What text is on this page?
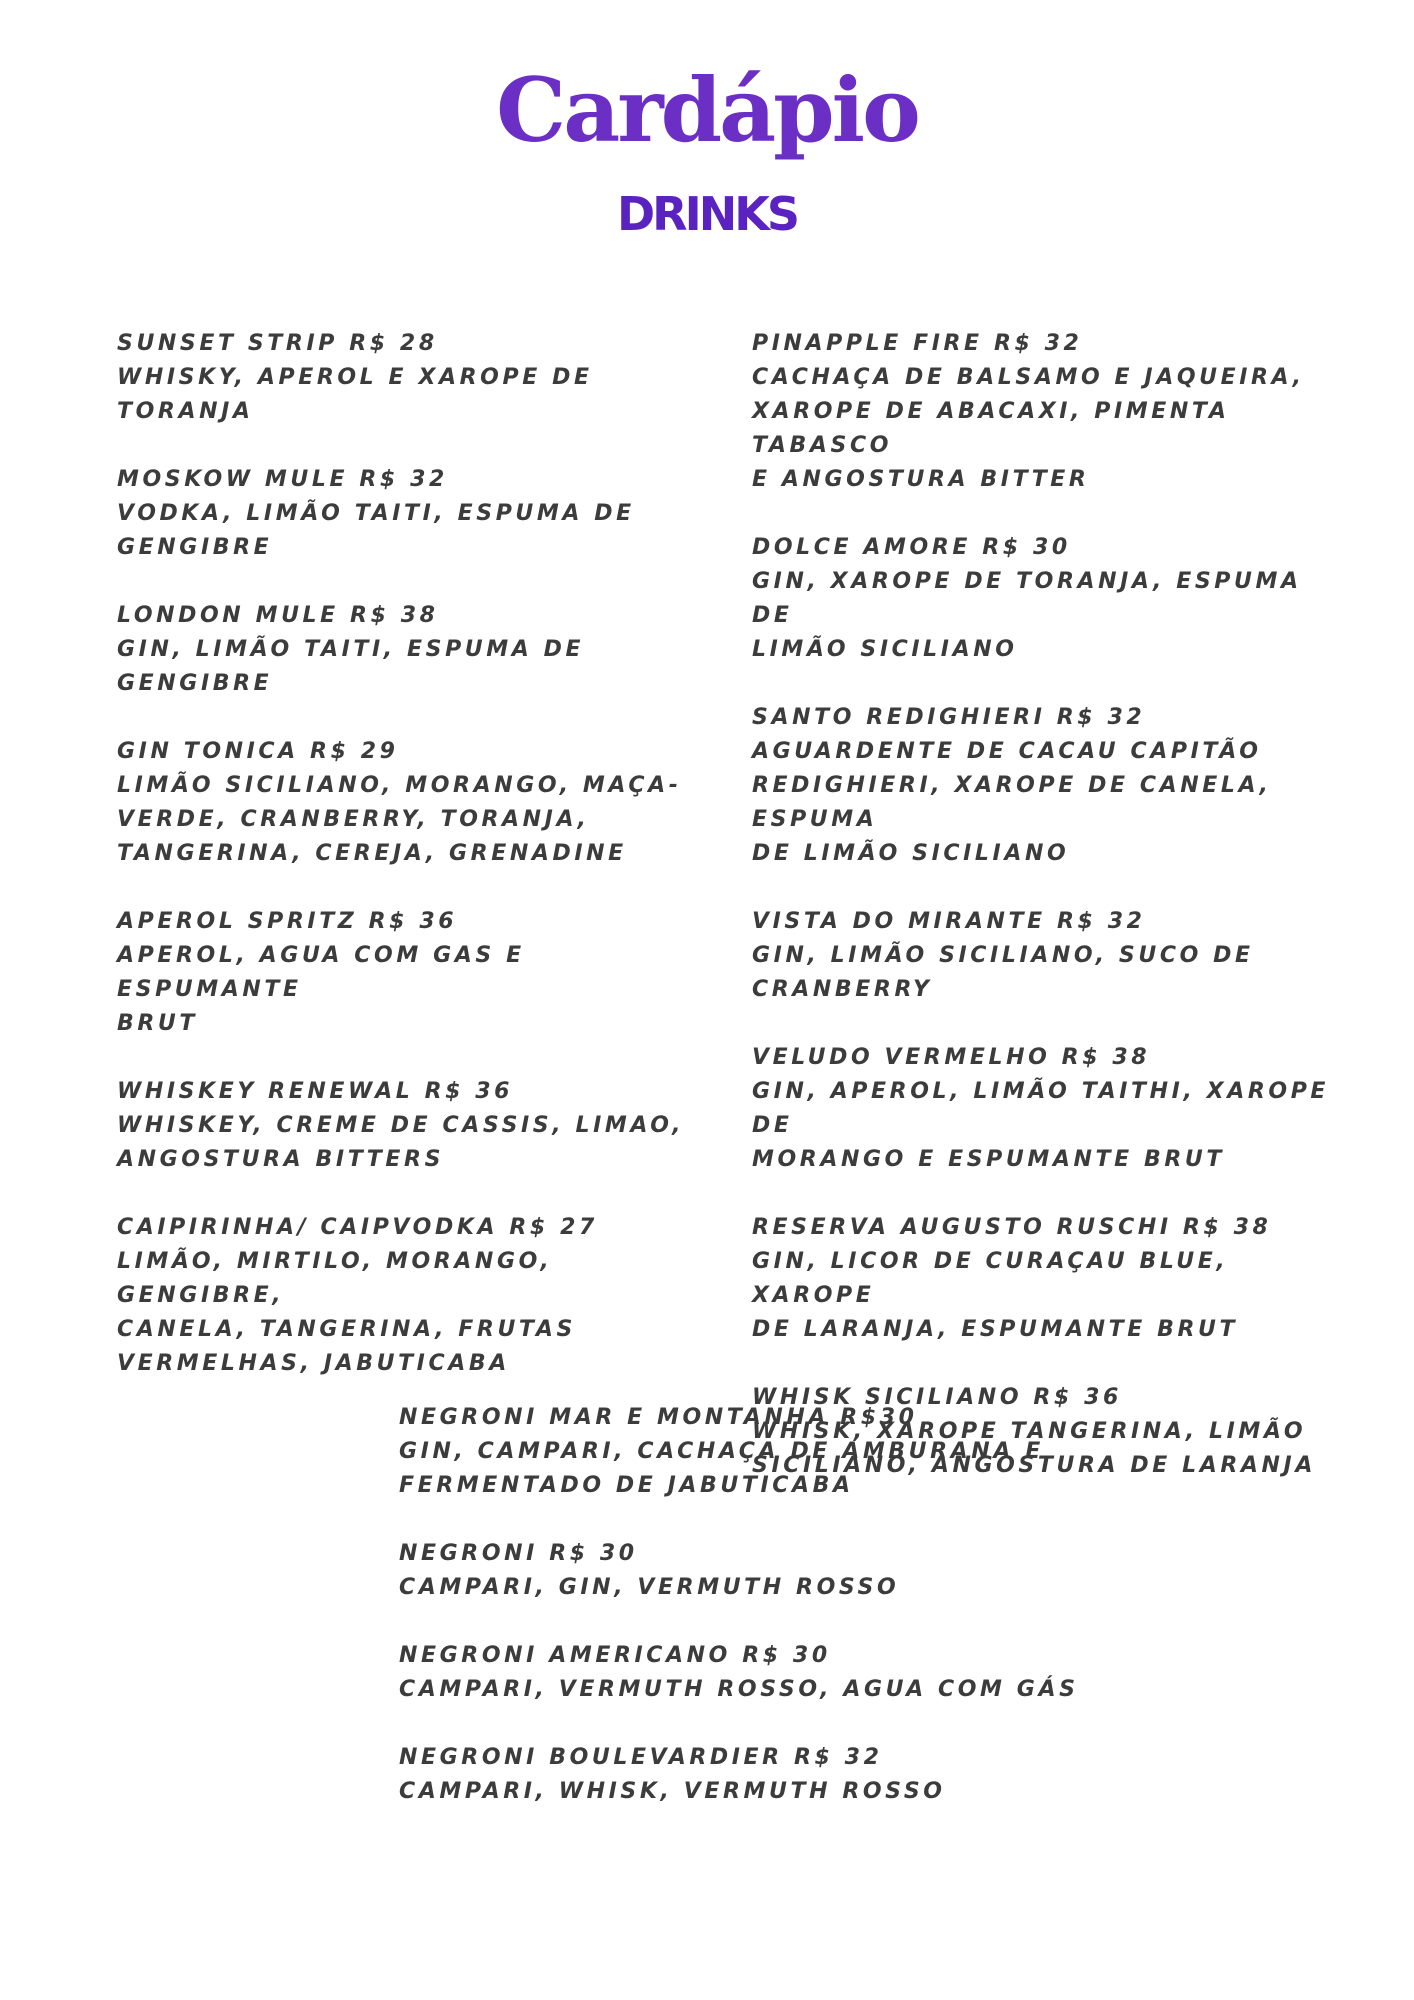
Cardápio
DRINKS

SUNSET STRIP R$ 28

WHISKY, APEROL E XAROPE DE TORANJA

MOSKOW MULE R$ 32

VODKA, LIMÃO TAITI, ESPUMA DE
GENGIBRE

LONDON MULE R$ 38

GIN, LIMÃO TAITI, ESPUMA DE GENGIBRE

GIN TONICA R$ 29

LIMÃO SICILIANO, MORANGO, MAÇA-
VERDE, CRANBERRY, TORANJA,
TANGERINA, CEREJA, GRENADINE

APEROL SPRITZ R$ 36

APEROL, AGUA COM GAS E ESPUMANTE
BRUT

WHISKEY RENEWAL R$ 36

WHISKEY, CREME DE CASSIS, LIMAO,
ANGOSTURA BITTERS

CAIPIRINHA/ CAIPVODKA R$ 27

LIMÃO, MIRTILO, MORANGO, GENGIBRE,
CANELA, TANGERINA, FRUTAS
VERMELHAS, JABUTICABA

PINAPPLE FIRE R$ 32

CACHAÇA DE BALSAMO E JAQUEIRA,
XAROPE DE ABACAXI, PIMENTA TABASCO
E ANGOSTURA BITTER

DOLCE AMORE R$ 30

GIN, XAROPE DE TORANJA, ESPUMA DE
LIMÃO SICILIANO

SANTO REDIGHIERI R$ 32

AGUARDENTE DE CACAU CAPITÃO
REDIGHIERI, XAROPE DE CANELA, ESPUMA
DE LIMÃO SICILIANO

VISTA DO MIRANTE R$ 32

GIN, LIMÃO SICILIANO, SUCO DE
CRANBERRY

VELUDO VERMELHO R$ 38

GIN, APEROL, LIMÃO TAITHI, XAROPE DE
MORANGO E ESPUMANTE BRUT

RESERVA AUGUSTO RUSCHI R$ 38

GIN, LICOR DE CURAÇAU BLUE, XAROPE
DE LARANJA, ESPUMANTE BRUT

WHISK SICILIANO R$ 36

WHISK, XAROPE TANGERINA, LIMÃO
SICILIANO, ANGOSTURA DE LARANJA

NEGRONI MAR E MONTANHA R$30

GIN, CAMPARI, CACHAÇA DE AMBURANA E
FERMENTADO DE JABUTICABA

NEGRONI R$ 30

CAMPARI, GIN, VERMUTH ROSSO

NEGRONI AMERICANO R$ 30

CAMPARI, VERMUTH ROSSO, AGUA COM GÁS

NEGRONI BOULEVARDIER R$ 32

CAMPARI, WHISK, VERMUTH ROSSO
